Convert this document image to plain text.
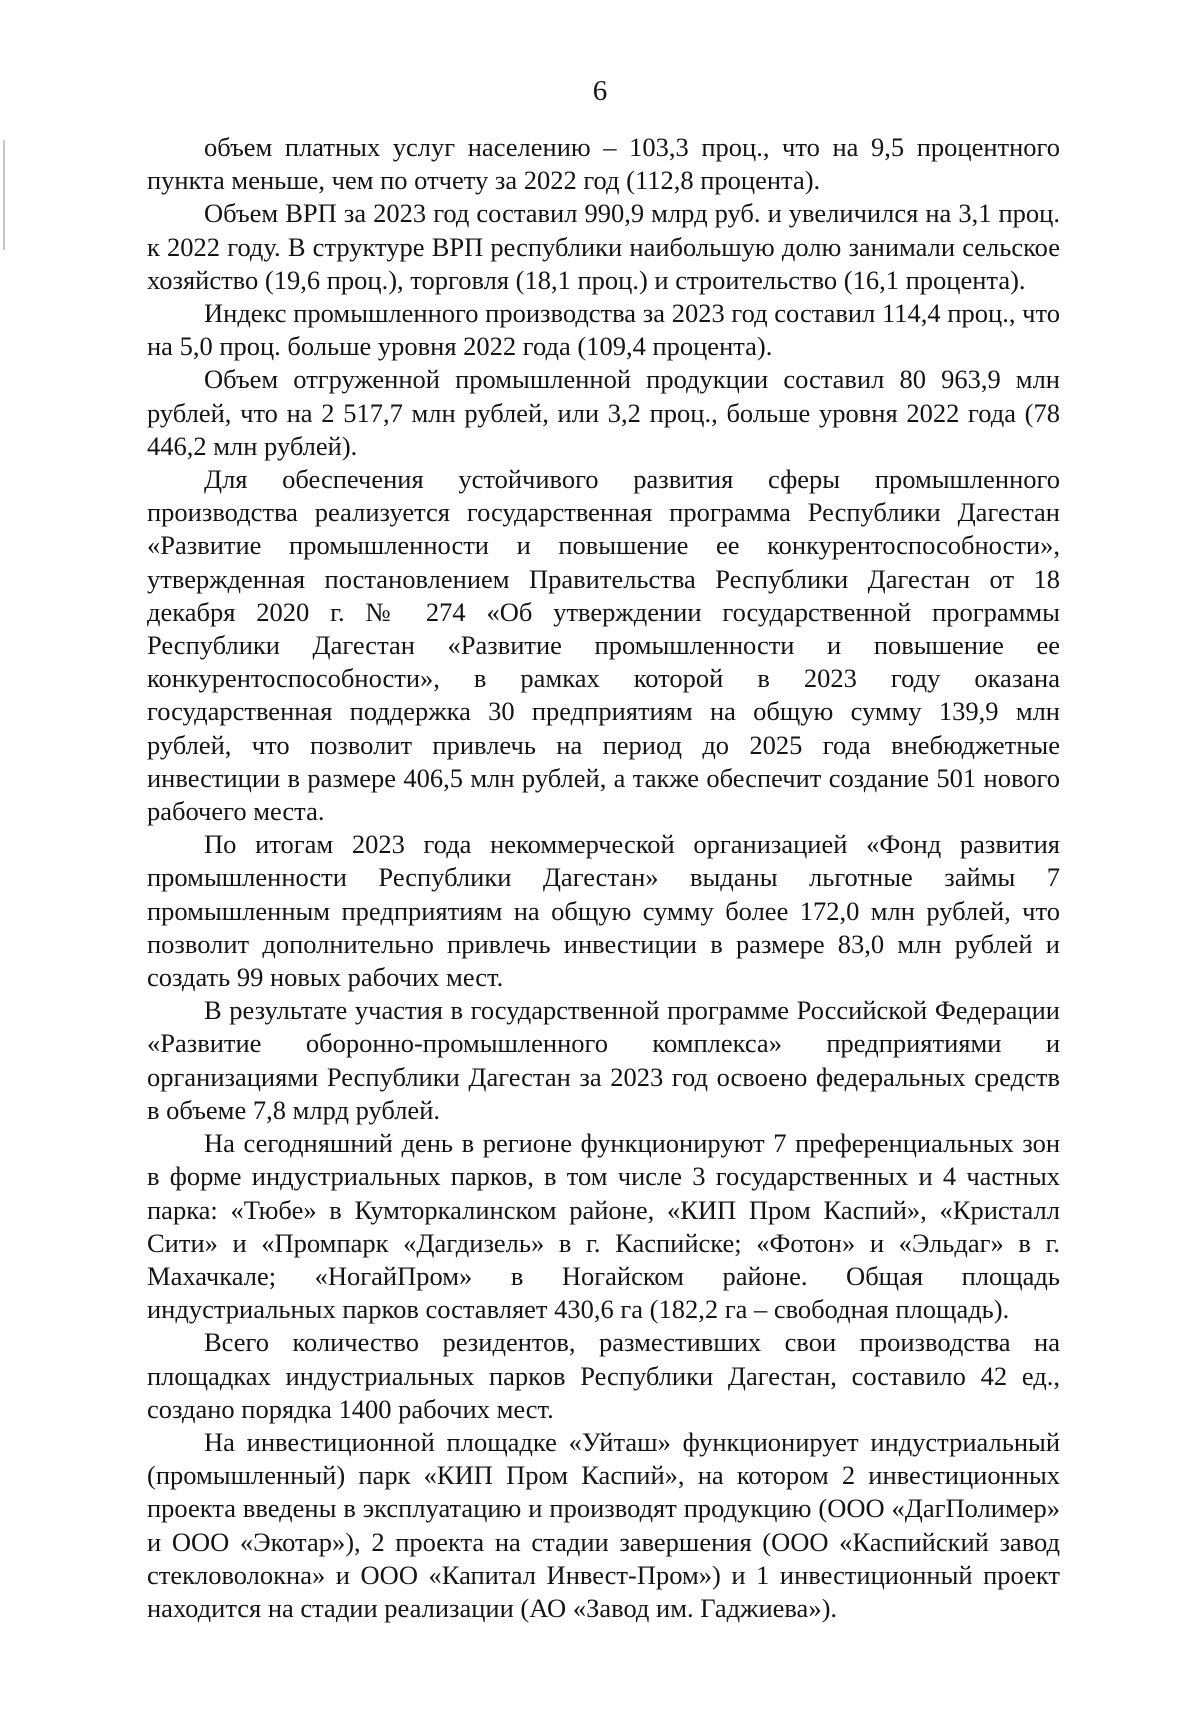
6

объем платных услуг населению – 103,3 проц., что на 9,5 процентного пункта меньше, чем по отчету за 2022 год (112,8 процента).

Объем ВРП за 2023 год составил 990,9 млрд руб. и увеличился на 3,1 проц. к 2022 году. В структуре ВРП республики наибольшую долю занимали сельское хозяйство (19,6 проц.), торговля (18,1 проц.) и строительство (16,1 процента).

Индекс промышленного производства за 2023 год составил 114,4 проц., что на 5,0 проц. больше уровня 2022 года (109,4 процента).

Объем отгруженной промышленной продукции составил 80 963,9 млн рублей, что на 2 517,7 млн рублей, или 3,2 проц., больше уровня 2022 года (78 446,2 млн рублей).

Для обеспечения устойчивого развития сферы промышленного производства реализуется государственная программа Республики Дагестан «Развитие промышленности и повышение ее конкурентоспособности», утвержденная постановлением Правительства Республики Дагестан от 18 декабря 2020 г. № 274 «Об утверждении государственной программы Республики Дагестан «Развитие промышленности и повышение ее конкурентоспособности», в рамках которой в 2023 году оказана государственная поддержка 30 предприятиям на общую сумму 139,9 млн рублей, что позволит привлечь на период до 2025 года внебюджетные инвестиции в размере 406,5 млн рублей, а также обеспечит создание 501 нового рабочего места.

По итогам 2023 года некоммерческой организацией «Фонд развития промышленности Республики Дагестан» выданы льготные займы 7 промышленным предприятиям на общую сумму более 172,0 млн рублей, что позволит дополнительно привлечь инвестиции в размере 83,0 млн рублей и создать 99 новых рабочих мест.

В результате участия в государственной программе Российской Федерации «Развитие оборонно-промышленного комплекса» предприятиями и организациями Республики Дагестан за 2023 год освоено федеральных средств в объеме 7,8 млрд рублей.

На сегодняшний день в регионе функционируют 7 преференциальных зон в форме индустриальных парков, в том числе 3 государственных и 4 частных парка: «Тюбе» в Кумторкалинском районе, «КИП Пром Каспий», «Кристалл Сити» и «Промпарк «Дагдизель» в г. Каспийске; «Фотон» и «Эльдаг» в г. Махачкале; «НогайПром» в Ногайском районе. Общая площадь индустриальных парков составляет 430,6 га (182,2 га – свободная площадь).

Всего количество резидентов, разместивших свои производства на площадках индустриальных парков Республики Дагестан, составило 42 ед., создано порядка 1400 рабочих мест.

На инвестиционной площадке «Уйташ» функционирует индустриальный (промышленный) парк «КИП Пром Каспий», на котором 2 инвестиционных проекта введены в эксплуатацию и производят продукцию (ООО «ДагПолимер» и ООО «Экотар»), 2 проекта на стадии завершения (ООО «Каспийский завод стекловолокна» и ООО «Капитал Инвест-Пром») и 1 инвестиционный проект находится на стадии реализации (АО «Завод им. Гаджиева»).
